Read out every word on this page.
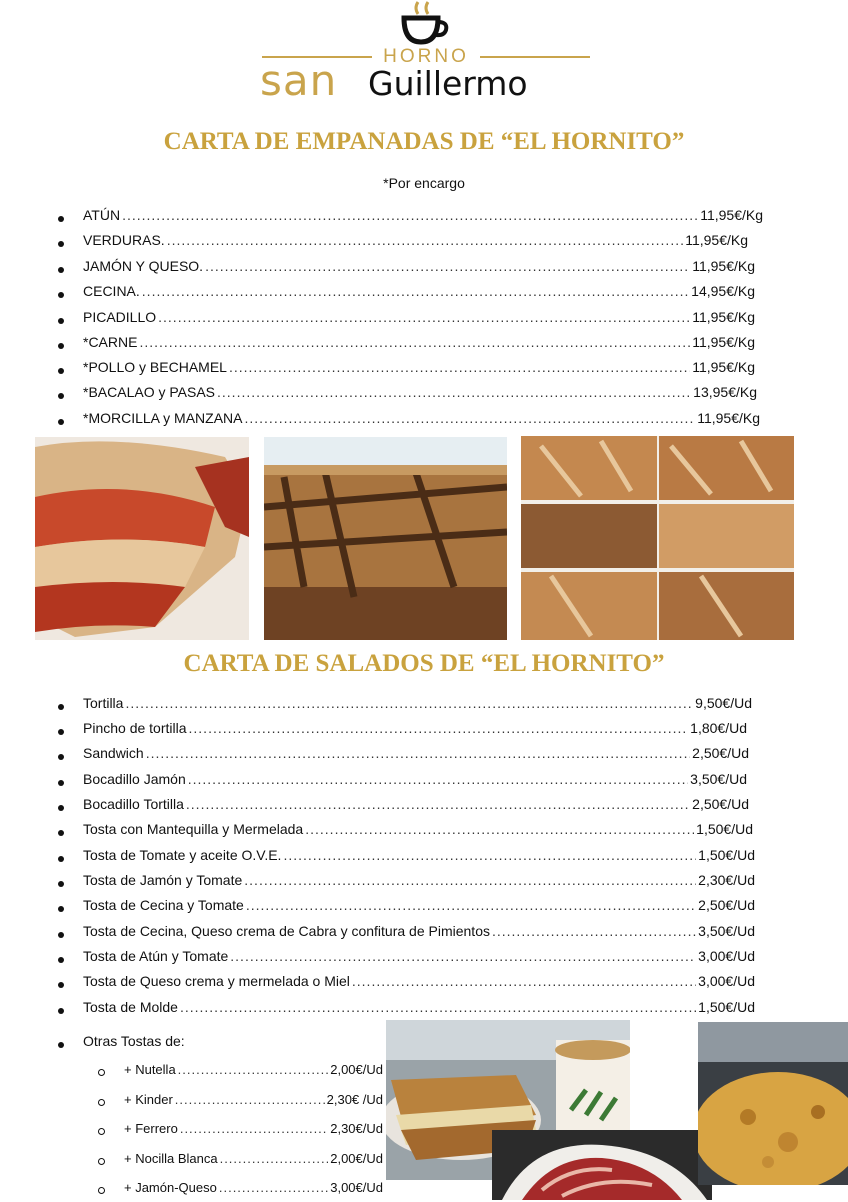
HORNO
san Guillermo
CARTA DE EMPANADAS DE “EL HORNITO”
*Por encargo
ATÚN .....	11,95€/Kg
VERDURAS. .....	11,95€/Kg
JAMÓN Y QUESO. .....	11,95€/Kg
CECINA. .....	14,95€/Kg
PICADILLO .....	11,95€/Kg
*CARNE .....	11,95€/Kg
*POLLO y BECHAMEL .....	11,95€/Kg
*BACALAO y PASAS .....	13,95€/Kg
*MORCILLA y MANZANA .....	11,95€/Kg
CARTA DE SALADOS DE “EL HORNITO”
Tortilla .....	9,50€/Ud
Pincho de tortilla .....	1,80€/Ud
Sandwich .....	2,50€/Ud
Bocadillo Jamón .....	3,50€/Ud
Bocadillo Tortilla .....	2,50€/Ud
Tosta con Mantequilla y Mermelada .....	1,50€/Ud
Tosta de Tomate y aceite O.V.E. .....	1,50€/Ud
Tosta de Jamón y Tomate .....	2,30€/Ud
Tosta de Cecina y Tomate .....	2,50€/Ud
Tosta de Cecina, Queso crema de Cabra y confitura de Pimientos .....	3,50€/Ud
Tosta de Atún y Tomate .....	3,00€/Ud
Tosta de Queso crema y mermelada o Miel .....	3,00€/Ud
Tosta de Molde .....	1,50€/Ud
Otras Tostas de:
+ Nutella .....	2,00€/Ud
+ Kinder .....	2,30€ /Ud
+ Ferrero .....	2,30€/Ud
+ Nocilla Blanca .....	2,00€/Ud
+ Jamón-Queso .....	3,00€/Ud
